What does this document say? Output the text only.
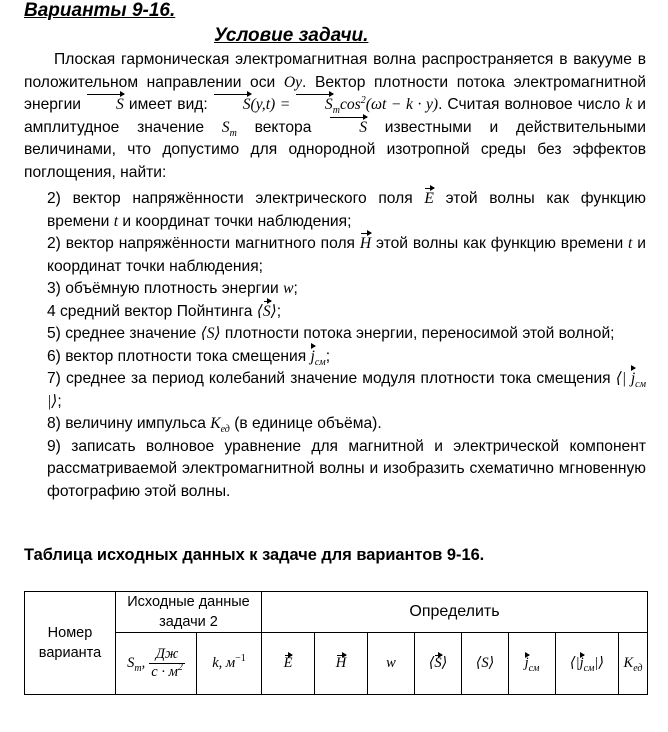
Варианты 9-16.
Условие задачи.
Плоская гармоническая электромагнитная волна распространяется в вакууме в положительном направлении оси Oy. Вектор плотности потока электромагнитной энергии S имеет вид: $S(y,t) = S_m\cos^2(\omega t - k \cdot y)$. Считая волновое число k и амплитудное значение $S_m$ вектора S известными и действительными величинами, что допустимо для однородной изотропной среды без эффектов поглощения, найти:
2) вектор напряжённости электрического поля E этой волны как функцию времени t и координат точки наблюдения;
2) вектор напряжённости магнитного поля H этой волны как функцию времени t и координат точки наблюдения;
3) объёмную плотность энергии w;
4 средний вектор Пойнтинга ⟨S⟩;
5) среднее значение ⟨S⟩ плотности потока энергии, переносимой этой волной;
6) вектор плотности тока смещения $j_{см}$;
7) среднее за период колебаний значение модуля плотности тока смещения ⟨| $j_{см}$ |⟩;
8) величину импульса $K_{ед}$ (в единице объёма).
9) записать волновое уравнение для магнитной и электрической компонент рассматриваемой электромагнитной волны и изобразить схематично мгновенную фотографию этой волны.
Таблица исходных данных к задаче для вариантов 9-16.
Номер варианта	Исходные данные задачи 2		Определить							
	$S_m$, $\frac{Дж}{с \cdot м^2}$	k, $м^{-1}$	E	H	w	⟨S⟩	⟨S⟩	$j_{см}$	$⟨|j_{см}|⟩$	$K_{ед}$
